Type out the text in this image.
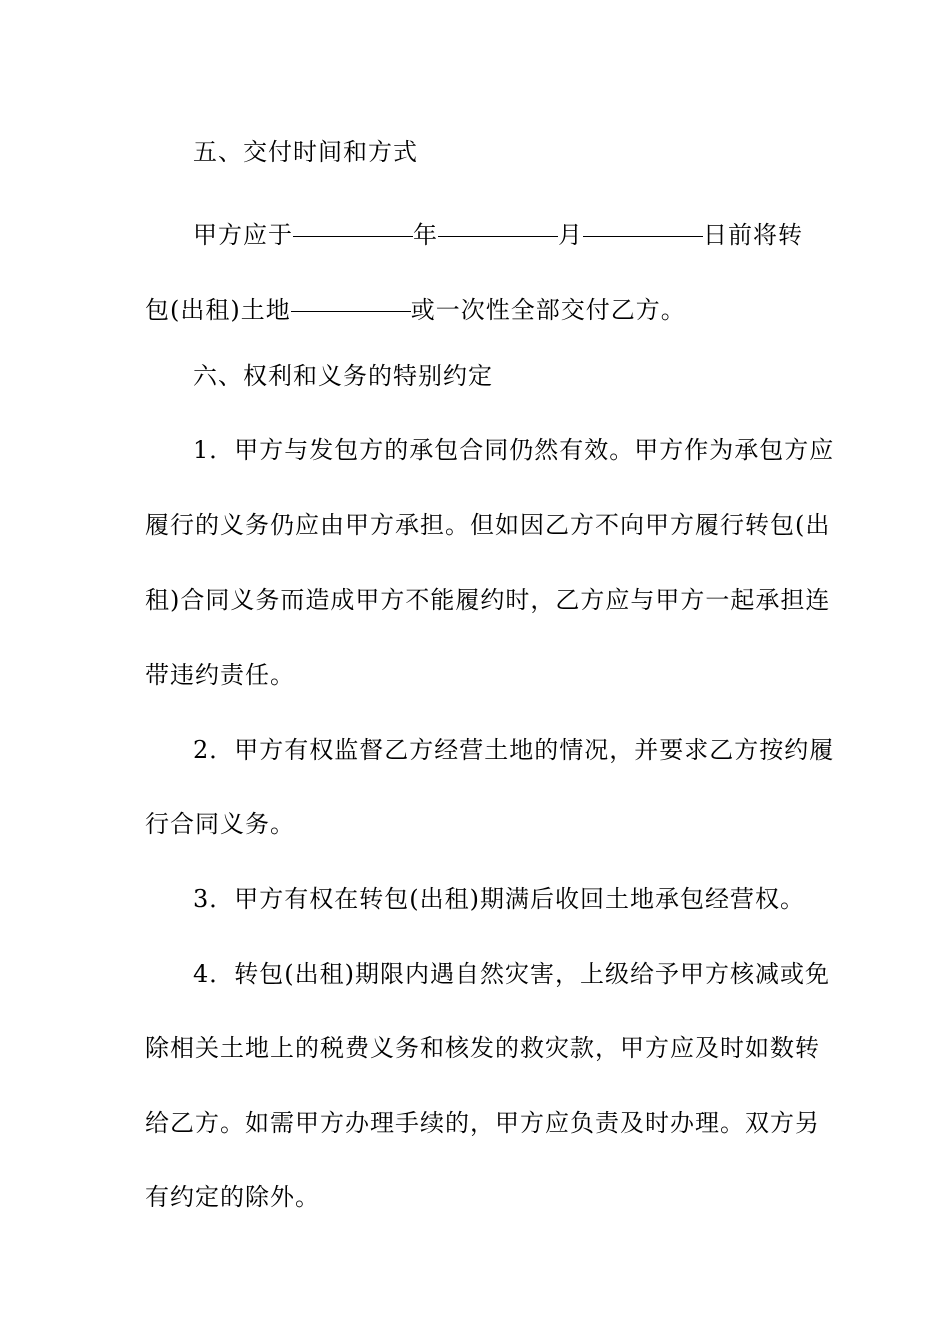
五、交付时间和方式
甲方应于	年	月	日前将转
包(出租)土地	或一次性全部交付乙方。
六、权利和义务的特别约定
1．甲方与发包方的承包合同仍然有效。甲方作为承包方应
履行的义务仍应由甲方承担。但如因乙方不向甲方履行转包(出
租)合同义务而造成甲方不能履约时，乙方应与甲方一起承担连
带违约责任。
2．甲方有权监督乙方经营土地的情况，并要求乙方按约履
行合同义务。
3．甲方有权在转包(出租)期满后收回土地承包经营权。
4．转包(出租)期限内遇自然灾害，上级给予甲方核减或免
除相关土地上的税费义务和核发的救灾款，甲方应及时如数转
给乙方。如需甲方办理手续的，甲方应负责及时办理。双方另
有约定的除外。
